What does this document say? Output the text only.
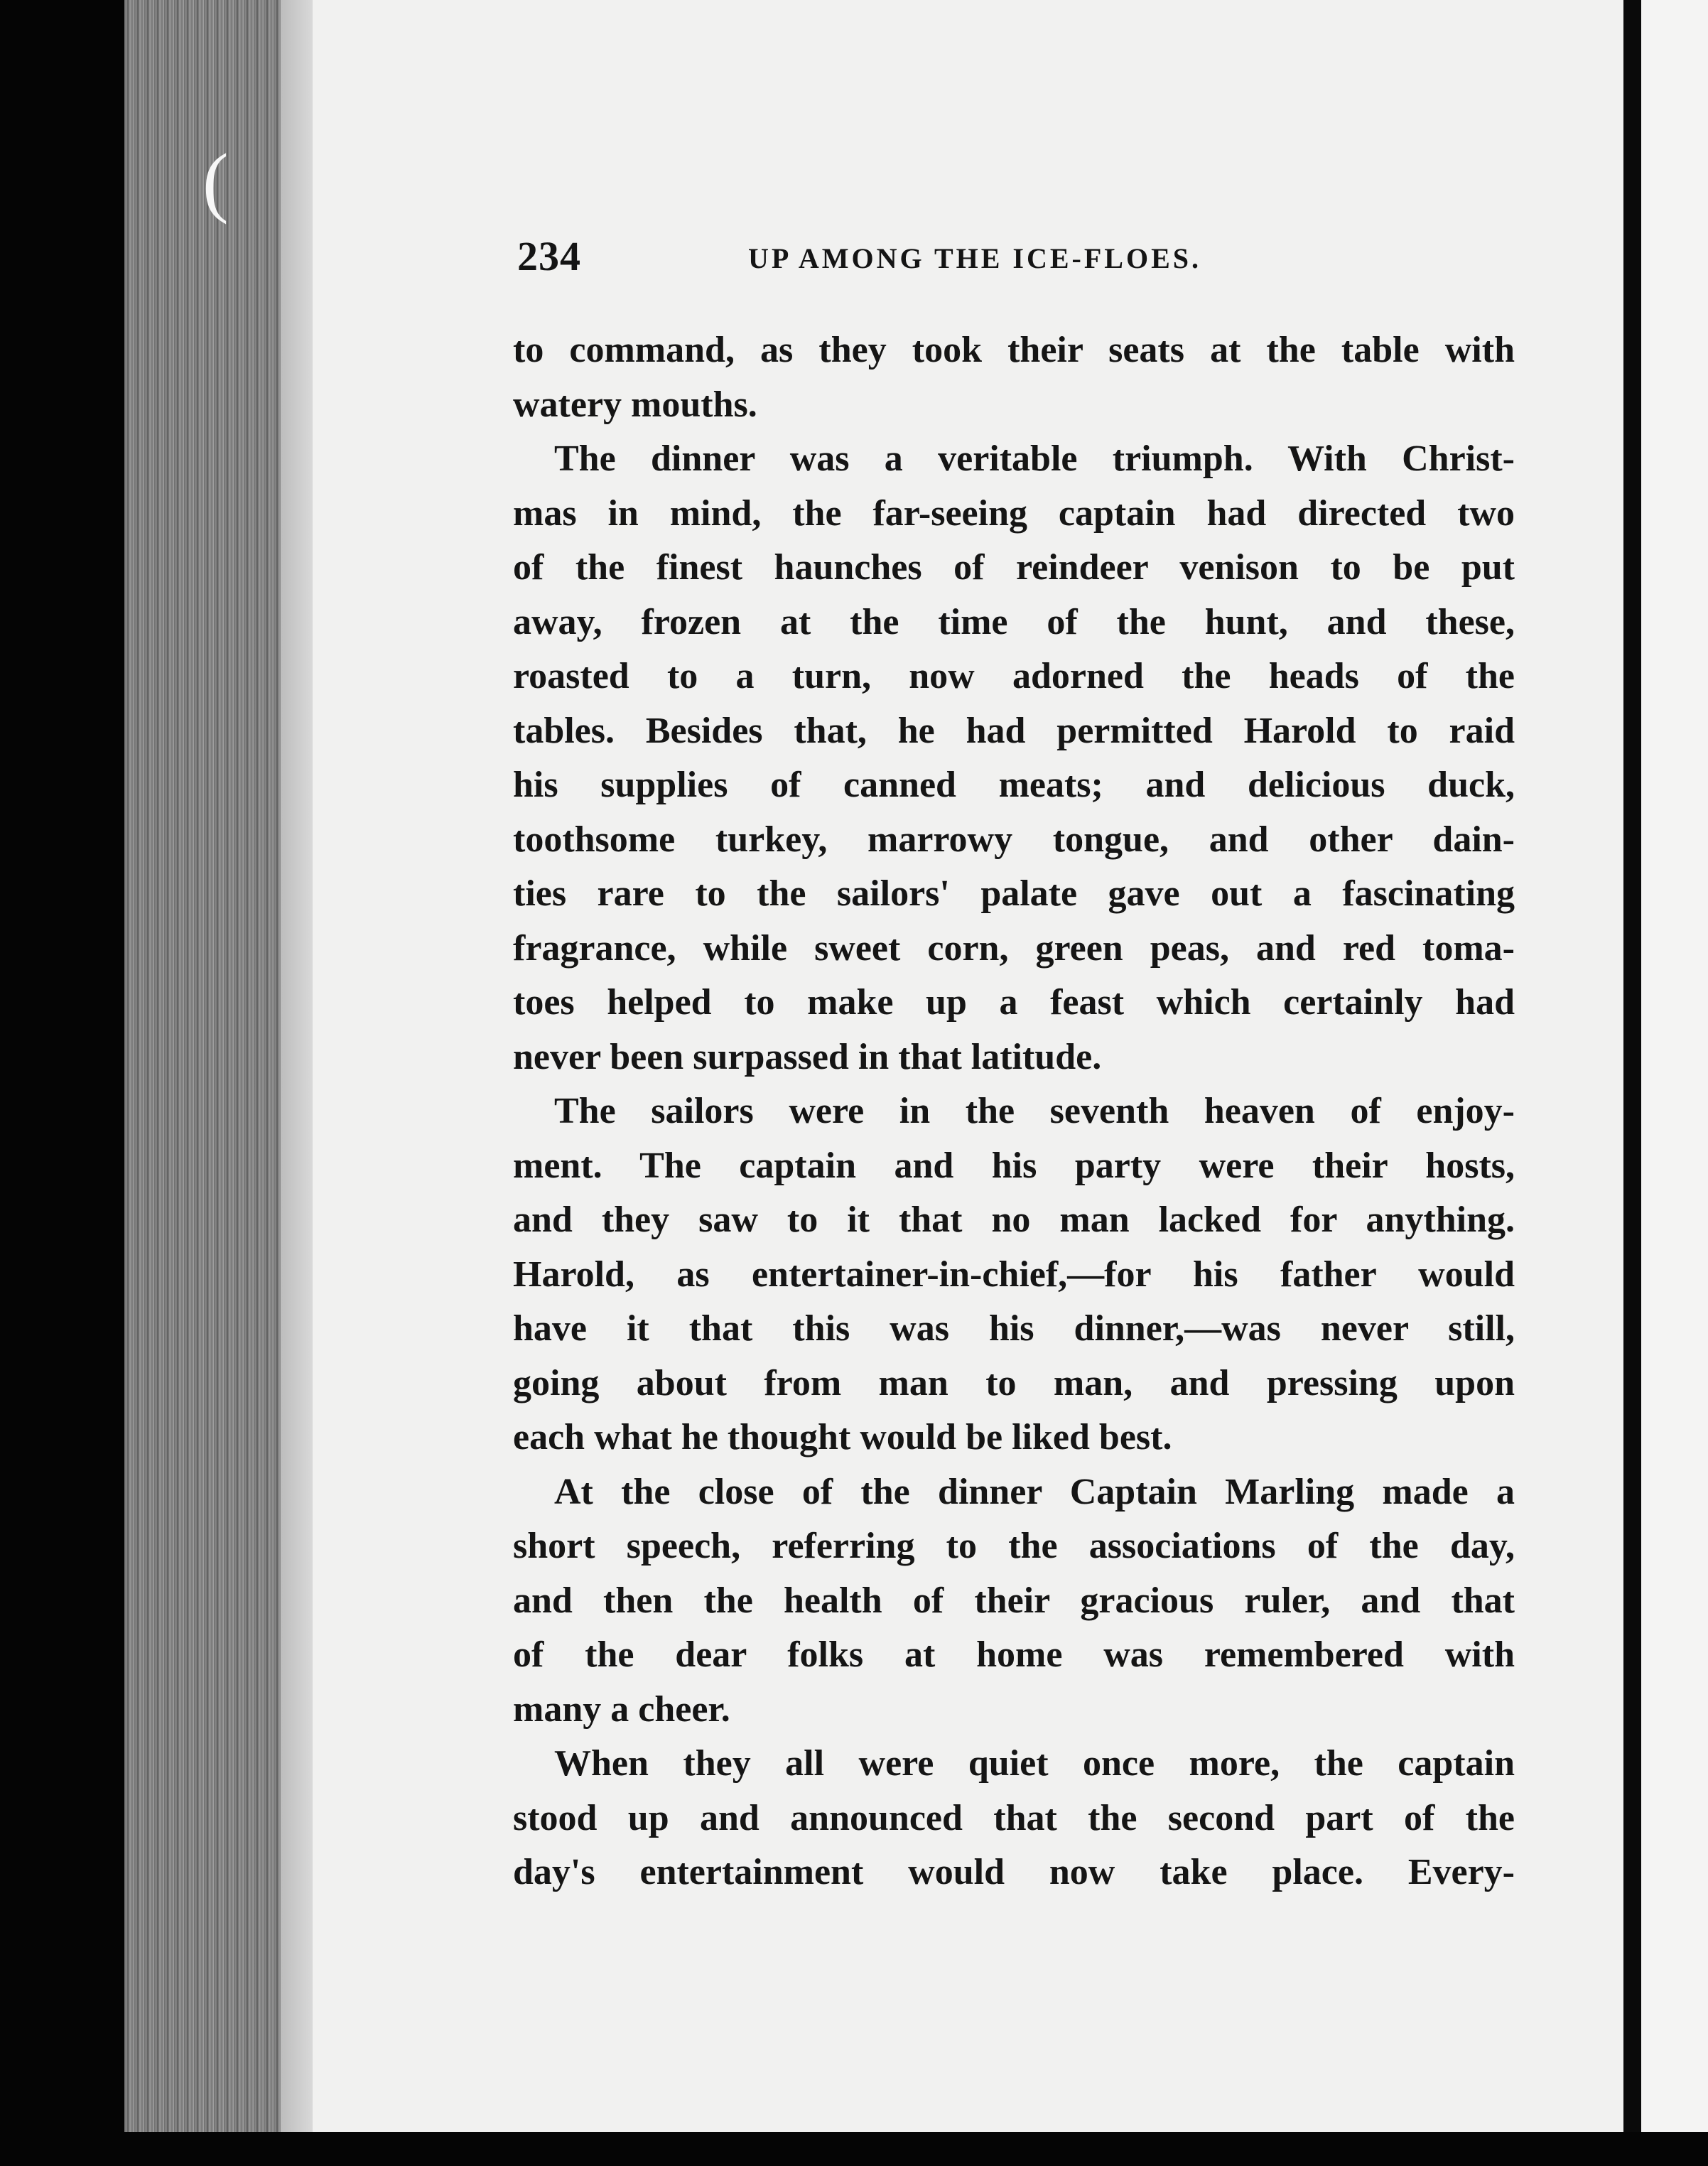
(
234	UP AMONG THE ICE-FLOES.
to command, as they took their seats at the table with
watery mouths.
The dinner was a veritable triumph. With Christ-
mas in mind, the far-seeing captain had directed two
of the finest haunches of reindeer venison to be put
away, frozen at the time of the hunt, and these,
roasted to a turn, now adorned the heads of the
tables. Besides that, he had permitted Harold to raid
his supplies of canned meats; and delicious duck,
toothsome turkey, marrowy tongue, and other dain-
ties rare to the sailors' palate gave out a fascinating
fragrance, while sweet corn, green peas, and red toma-
toes helped to make up a feast which certainly had
never been surpassed in that latitude.
The sailors were in the seventh heaven of enjoy-
ment. The captain and his party were their hosts,
and they saw to it that no man lacked for anything.
Harold, as entertainer-in-chief,—for his father would
have it that this was his dinner,—was never still,
going about from man to man, and pressing upon
each what he thought would be liked best.
At the close of the dinner Captain Marling made a
short speech, referring to the associations of the day,
and then the health of their gracious ruler, and that
of the dear folks at home was remembered with
many a cheer.
When they all were quiet once more, the captain
stood up and announced that the second part of the
day's entertainment would now take place. Every-
